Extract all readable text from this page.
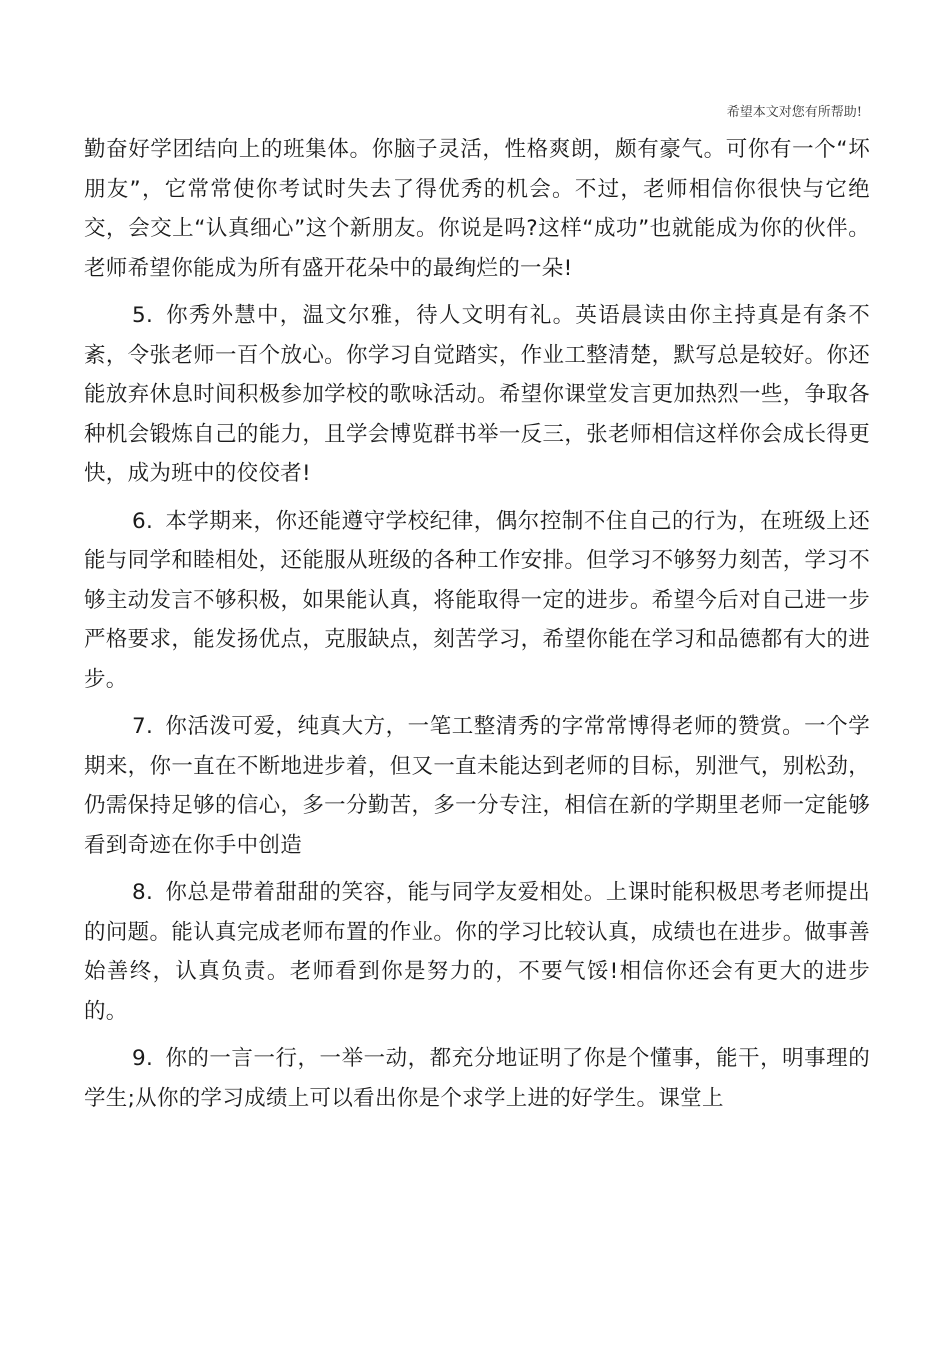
希望本文对您有所帮助!

勤奋好学团结向上的班集体。你脑子灵活，性格爽朗，颇有豪气。可你有一个“坏朋友”，它常常使你考试时失去了得优秀的机会。不过，老师相信你很快与它绝交，会交上“认真细心”这个新朋友。你说是吗?这样“成功”也就能成为你的伙伴。老师希望你能成为所有盛开花朵中的最绚烂的一朵!

5. 你秀外慧中，温文尔雅，待人文明有礼。英语晨读由你主持真是有条不紊，令张老师一百个放心。你学习自觉踏实，作业工整清楚，默写总是较好。你还能放弃休息时间积极参加学校的歌咏活动。希望你课堂发言更加热烈一些，争取各种机会锻炼自己的能力，且学会博览群书举一反三，张老师相信这样你会成长得更快，成为班中的佼佼者!

6. 本学期来，你还能遵守学校纪律，偶尔控制不住自己的行为，在班级上还能与同学和睦相处，还能服从班级的各种工作安排。但学习不够努力刻苦，学习不够主动发言不够积极，如果能认真，将能取得一定的进步。希望今后对自己进一步严格要求，能发扬优点，克服缺点，刻苦学习，希望你能在学习和品德都有大的进步。

7. 你活泼可爱，纯真大方，一笔工整清秀的字常常博得老师的赞赏。一个学期来，你一直在不断地进步着，但又一直未能达到老师的目标，别泄气，别松劲，仍需保持足够的信心，多一分勤苦，多一分专注，相信在新的学期里老师一定能够看到奇迹在你手中创造

8. 你总是带着甜甜的笑容，能与同学友爱相处。上课时能积极思考老师提出的问题。能认真完成老师布置的作业。你的学习比较认真，成绩也在进步。做事善始善终，认真负责。老师看到你是努力的，不要气馁!相信你还会有更大的进步的。

9. 你的一言一行，一举一动，都充分地证明了你是个懂事，能干，明事理的学生;从你的学习成绩上可以看出你是个求学上进的好学生。课堂上
